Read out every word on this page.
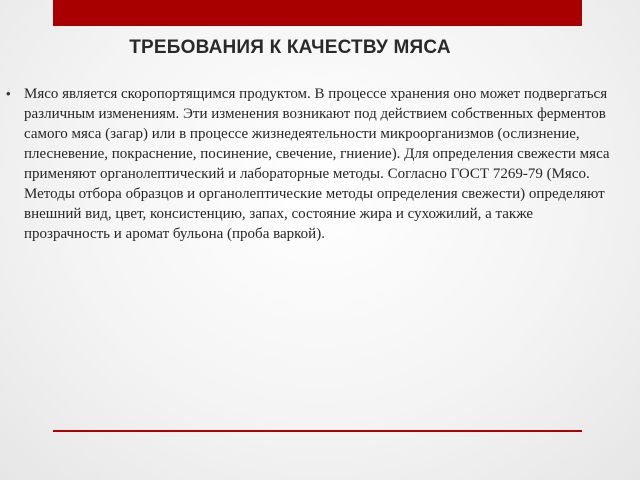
ТРЕБОВАНИЯ К КАЧЕСТВУ МЯСА
• Мясо является скоропортящимся продуктом. В процессе хранения оно может подвергаться различным изменениям. Эти изменения возникают под действием собственных ферментов самого мяса (загар) или в процессе жизнедеятельности микроорганизмов (ослизнение, плесневение, покраснение, посинение, свечение, гниение). Для определения свежести мяса применяют органолептический и лабораторные методы. Согласно ГОСТ 7269-79 (Мясо. Методы отбора образцов и органолептические методы определения свежести) определяют внешний вид, цвет, консистенцию, запах, состояние жира и сухожилий, а также прозрачность и аромат бульона (проба варкой).
